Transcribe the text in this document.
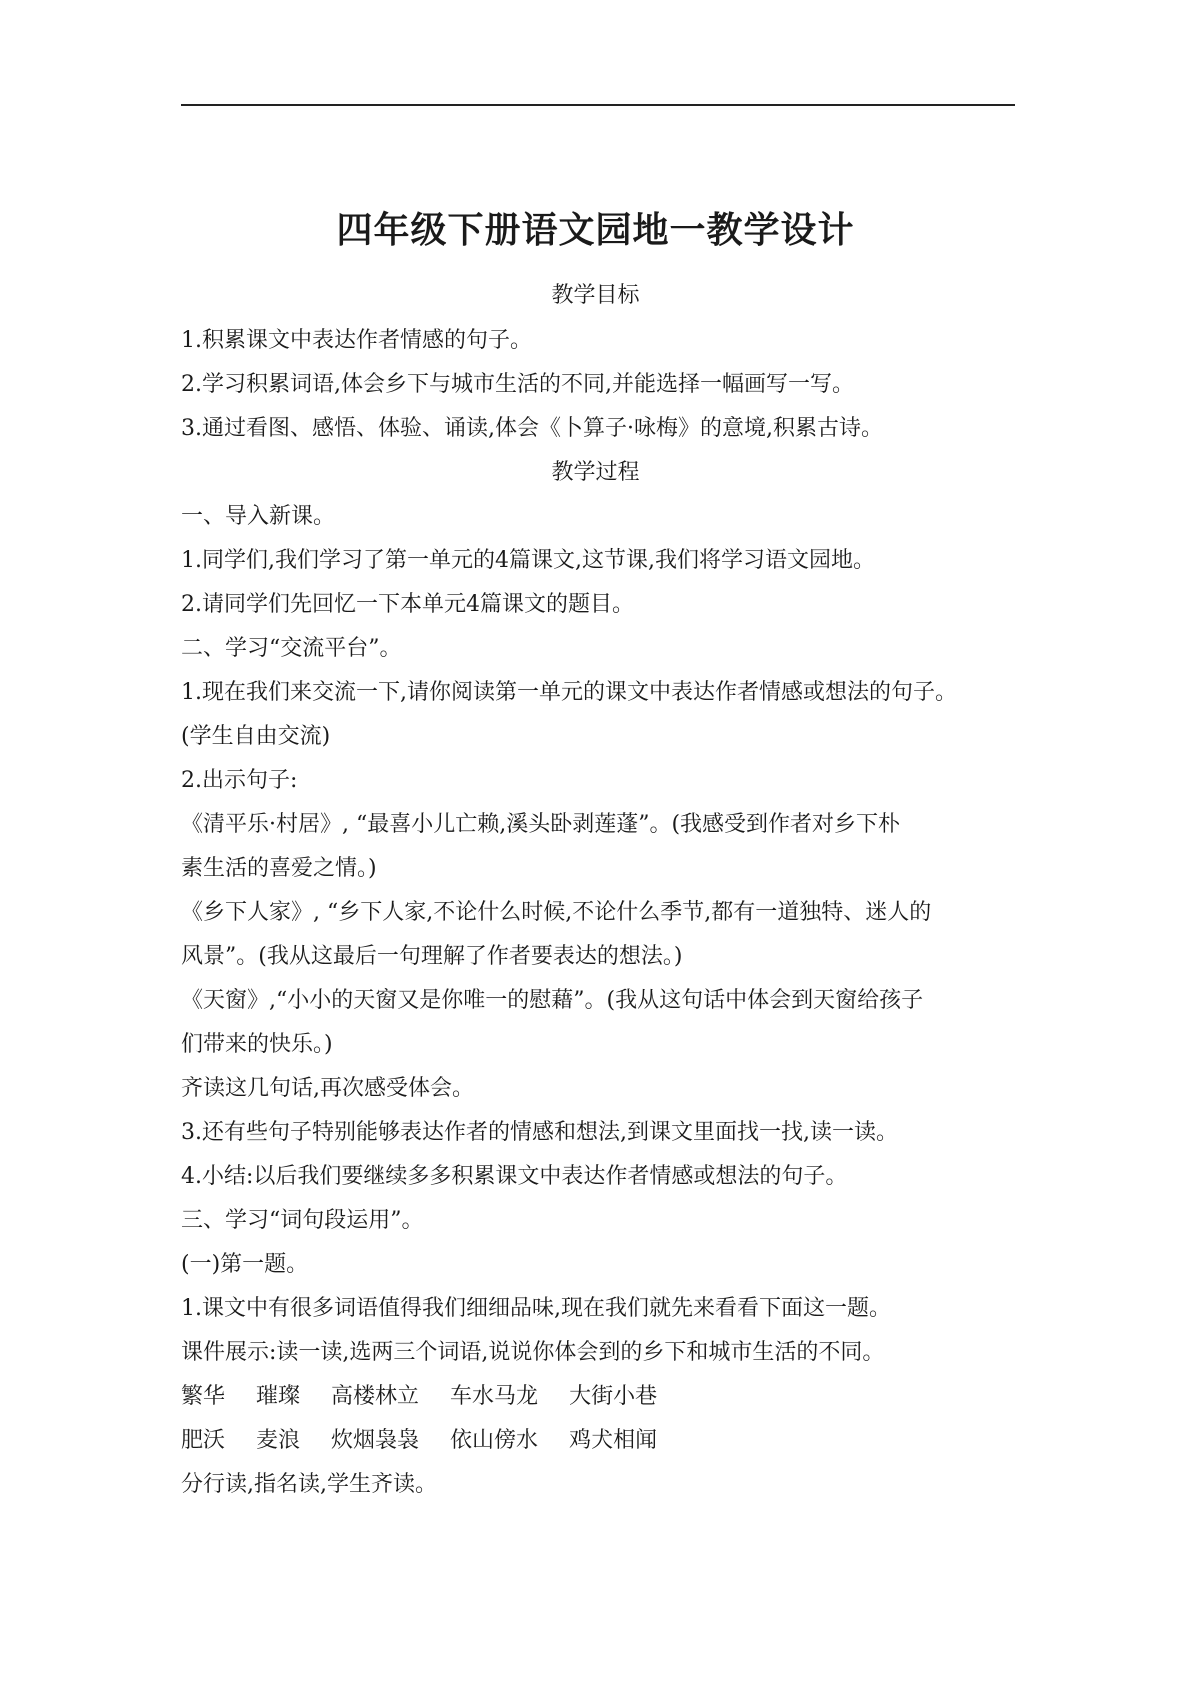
四年级下册语文园地一教学设计
教学目标
1.积累课文中表达作者情感的句子。
2.学习积累词语,体会乡下与城市生活的不同,并能选择一幅画写一写。
3.通过看图、感悟、体验、诵读,体会《卜算子·咏梅》的意境,积累古诗。
教学过程
一、导入新课。
1.同学们,我们学习了第一单元的4篇课文,这节课,我们将学习语文园地。
2.请同学们先回忆一下本单元4篇课文的题目。
二、学习“交流平台”。
1.现在我们来交流一下,请你阅读第一单元的课文中表达作者情感或想法的句子。
(学生自由交流)
2.出示句子:
《清平乐·村居》, “最喜小儿亡赖,溪头卧剥莲蓬”。(我感受到作者对乡下朴
素生活的喜爱之情。)
《乡下人家》, “乡下人家,不论什么时候,不论什么季节,都有一道独特、迷人的
风景”。(我从这最后一句理解了作者要表达的想法。)
《天窗》,“小小的天窗又是你唯一的慰藉”。(我从这句话中体会到天窗给孩子
们带来的快乐。)
齐读这几句话,再次感受体会。
3.还有些句子特别能够表达作者的情感和想法,到课文里面找一找,读一读。
4.小结:以后我们要继续多多积累课文中表达作者情感或想法的句子。
三、学习“词句段运用”。
(一)第一题。
1.课文中有很多词语值得我们细细品味,现在我们就先来看看下面这一题。
课件展示:读一读,选两三个词语,说说你体会到的乡下和城市生活的不同。
繁华 璀璨 高楼林立 车水马龙 大街小巷
肥沃 麦浪 炊烟袅袅 依山傍水 鸡犬相闻
分行读,指名读,学生齐读。
